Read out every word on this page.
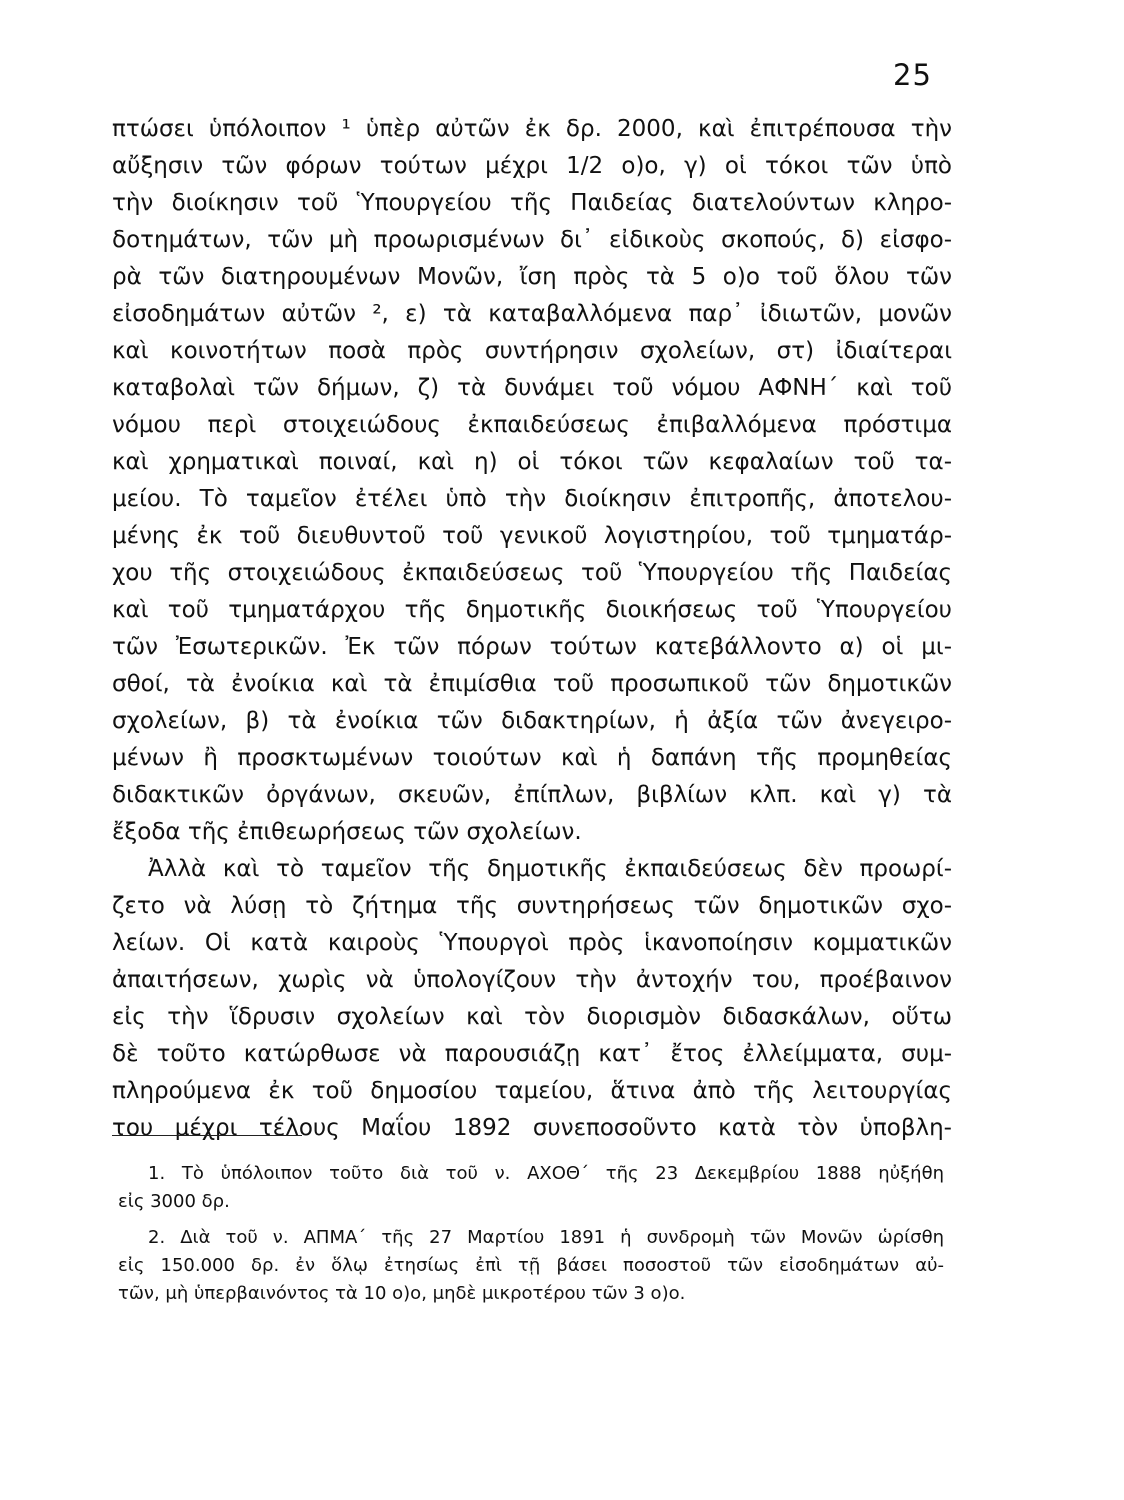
25
πτώσει ὑπόλοιπον ¹ ὑπὲρ αὐτῶν ἐκ δρ. 2000, καὶ ἐπιτρέπουσα τὴν
αὔξησιν τῶν φόρων τούτων μέχρι 1/2 ο)ο, γ) οἱ τόκοι τῶν ὑπὸ
τὴν διοίκησιν τοῦ Ὑπουργείου τῆς Παιδείας διατελούντων κληρο-
δοτημάτων, τῶν μὴ προωρισμένων δι᾽ εἰδικοὺς σκοπούς, δ) εἰσφο-
ρὰ τῶν διατηρουμένων Μονῶν, ἴση πρὸς τὰ 5 ο)ο τοῦ ὅλου τῶν
εἰσοδημάτων αὐτῶν ², ε) τὰ καταβαλλόμενα παρ᾽ ἰδιωτῶν, μονῶν
καὶ κοινοτήτων ποσὰ πρὸς συντήρησιν σχολείων, στ) ἰδιαίτεραι
καταβολαὶ τῶν δήμων, ζ) τὰ δυνάμει τοῦ νόμου ΑΦΝΗ΄ καὶ τοῦ
νόμου περὶ στοιχειώδους ἐκπαιδεύσεως ἐπιβαλλόμενα πρόστιμα
καὶ χρηματικαὶ ποιναί, καὶ η) οἱ τόκοι τῶν κεφαλαίων τοῦ τα-
μείου. Τὸ ταμεῖον ἐτέλει ὑπὸ τὴν διοίκησιν ἐπιτροπῆς, ἀποτελου-
μένης ἐκ τοῦ διευθυντοῦ τοῦ γενικοῦ λογιστηρίου, τοῦ τμηματάρ-
χου τῆς στοιχειώδους ἐκπαιδεύσεως τοῦ Ὑπουργείου τῆς Παιδείας
καὶ τοῦ τμηματάρχου τῆς δημοτικῆς διοικήσεως τοῦ Ὑπουργείου
τῶν Ἐσωτερικῶν. Ἐκ τῶν πόρων τούτων κατεβάλλοντο α) οἱ μι-
σθοί, τὰ ἐνοίκια καὶ τὰ ἐπιμίσθια τοῦ προσωπικοῦ τῶν δημοτικῶν
σχολείων, β) τὰ ἐνοίκια τῶν διδακτηρίων, ἡ ἀξία τῶν ἀνεγειρο-
μένων ἢ προσκτωμένων τοιούτων καὶ ἡ δαπάνη τῆς προμηθείας
διδακτικῶν ὀργάνων, σκευῶν, ἐπίπλων, βιβλίων κλπ. καὶ γ) τὰ
ἔξοδα τῆς ἐπιθεωρήσεως τῶν σχολείων.
Ἀλλὰ καὶ τὸ ταμεῖον τῆς δημοτικῆς ἐκπαιδεύσεως δὲν προωρί-
ζετο νὰ λύσῃ τὸ ζήτημα τῆς συντηρήσεως τῶν δημοτικῶν σχο-
λείων. Οἱ κατὰ καιροὺς Ὑπουργοὶ πρὸς ἱκανοποίησιν κομματικῶν
ἀπαιτήσεων, χωρὶς νὰ ὑπολογίζουν τὴν ἀντοχήν του, προέβαινον
εἰς τὴν ἵδρυσιν σχολείων καὶ τὸν διορισμὸν διδασκάλων, οὕτω
δὲ τοῦτο κατώρθωσε νὰ παρουσιάζῃ κατ᾽ ἔτος ἐλλείμματα, συμ-
πληρούμενα ἐκ τοῦ δημοσίου ταμείου, ἅτινα ἀπὸ τῆς λειτουργίας
του μέχρι τέλους Μαΐου 1892 συνεποσοῦντο κατὰ τὸν ὑποβλη-
1. Τὸ ὑπόλοιπον τοῦτο διὰ τοῦ ν. ΑΧΟΘ΄ τῆς 23 Δεκεμβρίου 1888 ηὐξήθη
εἰς 3000 δρ.
2. Διὰ τοῦ ν. ΑΠΜΑ΄ τῆς 27 Μαρτίου 1891 ἡ συνδρομὴ τῶν Μονῶν ὡρίσθη
εἰς 150.000 δρ. ἐν ὅλῳ ἐτησίως ἐπὶ τῇ βάσει ποσοστοῦ τῶν εἰσοδημάτων αὐ-
τῶν, μὴ ὑπερβαινόντος τὰ 10 ο)ο, μηδὲ μικροτέρου τῶν 3 ο)ο.
